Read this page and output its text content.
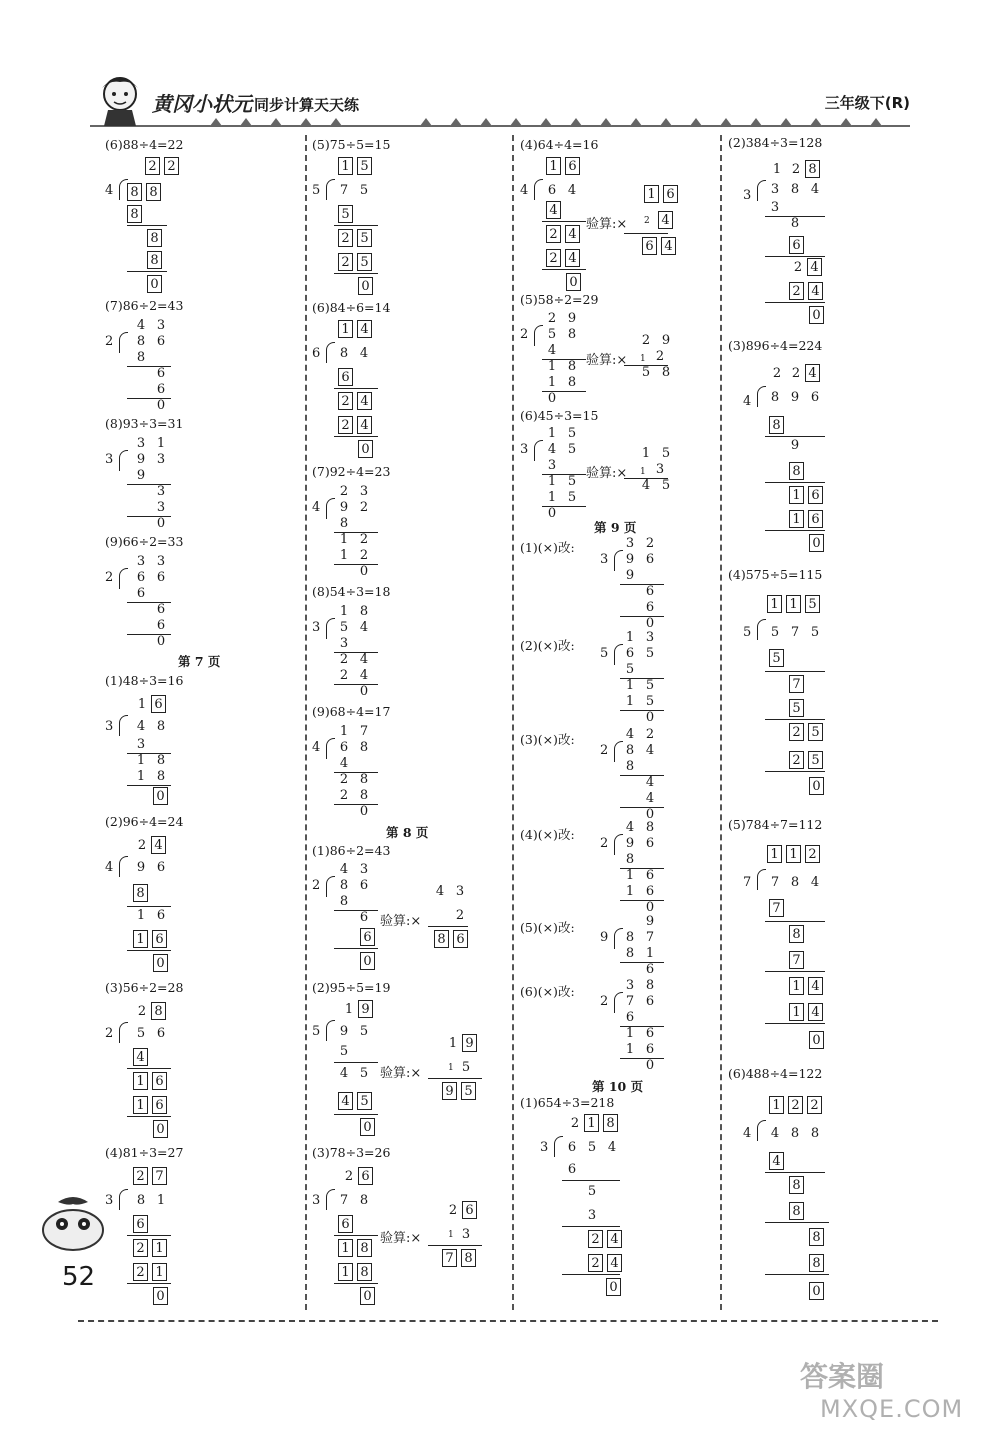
黄冈小状元 同步计算天天练	三年级下(R)
(6)88÷4=22
2 2
4 8 8
8
8
8
0
(7)86÷2=43
4 3
2	8 6
8
6
6
0
(8)93÷3=31
3 1
3	9 3
9
3
3
0
(9)66÷2=33
3 3
2	6 6
6
6
6
0
第 7 页
(1)48÷3=16
1 6
3	4 8
3
1 8
1 8
0
(2)96÷4=24
2 4
4	9 6
8
1 6
1 6
0
(3)56÷2=28
2 8
2	5 6
4
1 6
1 6
0
(4)81÷3=27
2 7
3	8 1
6
2 1
2 1
0
(5)75÷5=15
1 5
5	7 5
5
2 5
2 5
0
(6)84÷6=14
1 4
6	8 4
6
2 4
2 4
0
(7)92÷4=23
2 3
4	9 2
8
1 2
1 2
0
(8)54÷3=18
1 8
3	5 4
3
2 4
2 4
0
(9)68÷4=17
1 7
4	6 8
4
2 8
2 8
0
第 8 页
(1)86÷2=43
4 3
2	8 6
8
6
6
0
4 3
验算:×	2
8 6
(2)95÷5=19
1 9
5	9 5
5
4 5
4 5
0
1 9
验算:×	1 5
9 5
(3)78÷3=26
2 6
3	7 8
6
1 8
1 8
0
2 6
验算:×	1 3
7 8
(4)64÷4=16
1 6
4	6 4
4
2 4
2 4
0
1 6
验算:× 2 4
6 4
(5)58÷2=29
2 9
2	5 8
4
1 8
1 8
0
2 9
验算:× 1 2
5 8
(6)45÷3=15
1 5
3	4 5
3
1 5
1 5
0
1 5
验算:× 1 3
4 5
第 9 页
(1)(×)改:	3 2
3	9 6
9
6
6
0
(2)(×)改:
1 3
5	6 5
5
1 5
1 5
0
(3)(×)改:	4 2
2	8 4
8
4
4
0
(4)(×)改:	4 8
2	9 6
8
1 6
1 6
0
(5)(×)改:	9
9	8 7
8 1
6
(6)(×)改:	3 8
2	7 6
6
1 6
1 6
0
第 10 页
(1)654÷3=218
2 1 8
3	6 5 4
6
5
3
2 4
2 4
0
(2)384÷3=128
1 2 8
3	3 8 4
3
8
6
2 4
2 4
0
(3)896÷4=224
2 2 4
4	8 9 6
8
9
8
1 6
1 6
0
(4)575÷5=115
1 1 5
5	5 7 5
5
7
5
2 5
2 5
0
(5)784÷7=112
1 1 2
7	7 8 4
7
8
7
1 4
1 4
0
(6)488÷4=122
1 2 2
4	4 8 8
4
8
8
8
8
0
52
答案圈
MXQE.COM
